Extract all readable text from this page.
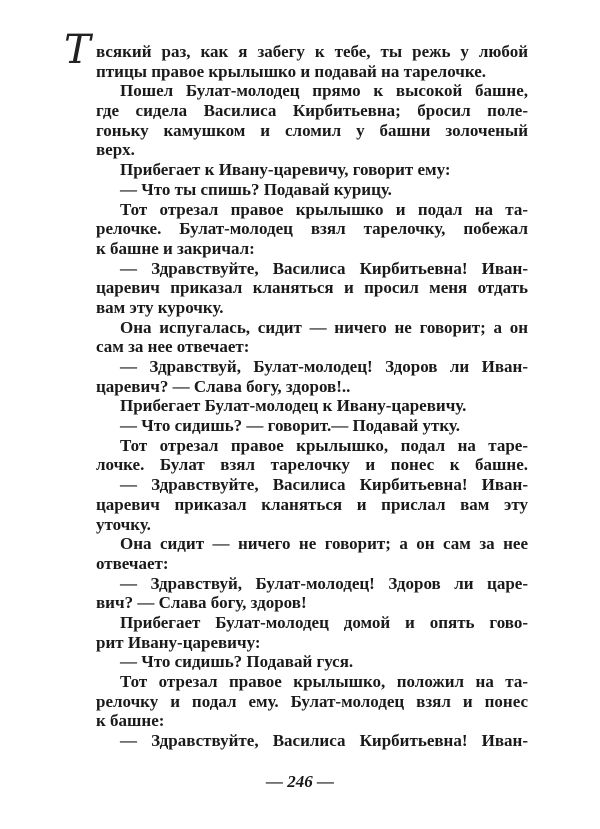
Т всякий раз, как я забегу к тебе, ты режь у любой
птицы правое крылышко и подавай на тарелочке.
Пошел Булат-молодец прямо к высокой башне,
где сидела Василиса Кирбитьевна; бросил поле-
гоньку камушком и сломил у башни золоченый
верх.
Прибегает к Ивану-царевичу, говорит ему:
— Что ты спишь? Подавай курицу.
Тот отрезал правое крылышко и подал на та-
релочке. Булат-молодец взял тарелочку, побежал
к башне и закричал:
— Здравствуйте, Василиса Кирбитьевна! Иван-
царевич приказал кланяться и просил меня отдать
вам эту курочку.
Она испугалась, сидит — ничего не говорит; а он
сам за нее отвечает:
— Здравствуй, Булат-молодец! Здоров ли Иван-
царевич? — Слава богу, здоров!..
Прибегает Булат-молодец к Ивану-царевичу.
— Что сидишь? — говорит.— Подавай утку.
Тот отрезал правое крылышко, подал на таре-
лочке. Булат взял тарелочку и понес к башне.
— Здравствуйте, Василиса Кирбитьевна! Иван-
царевич приказал кланяться и прислал вам эту
уточку.
Она сидит — ничего не говорит; а он сам за нее
отвечает:
— Здравствуй, Булат-молодец! Здоров ли царе-
вич? — Слава богу, здоров!
Прибегает Булат-молодец домой и опять гово-
рит Ивану-царевичу:
— Что сидишь? Подавай гуся.
Тот отрезал правое крылышко, положил на та-
релочку и подал ему. Булат-молодец взял и понес
к башне:
— Здравствуйте, Василиса Кирбитьевна! Иван-
— 246 —
